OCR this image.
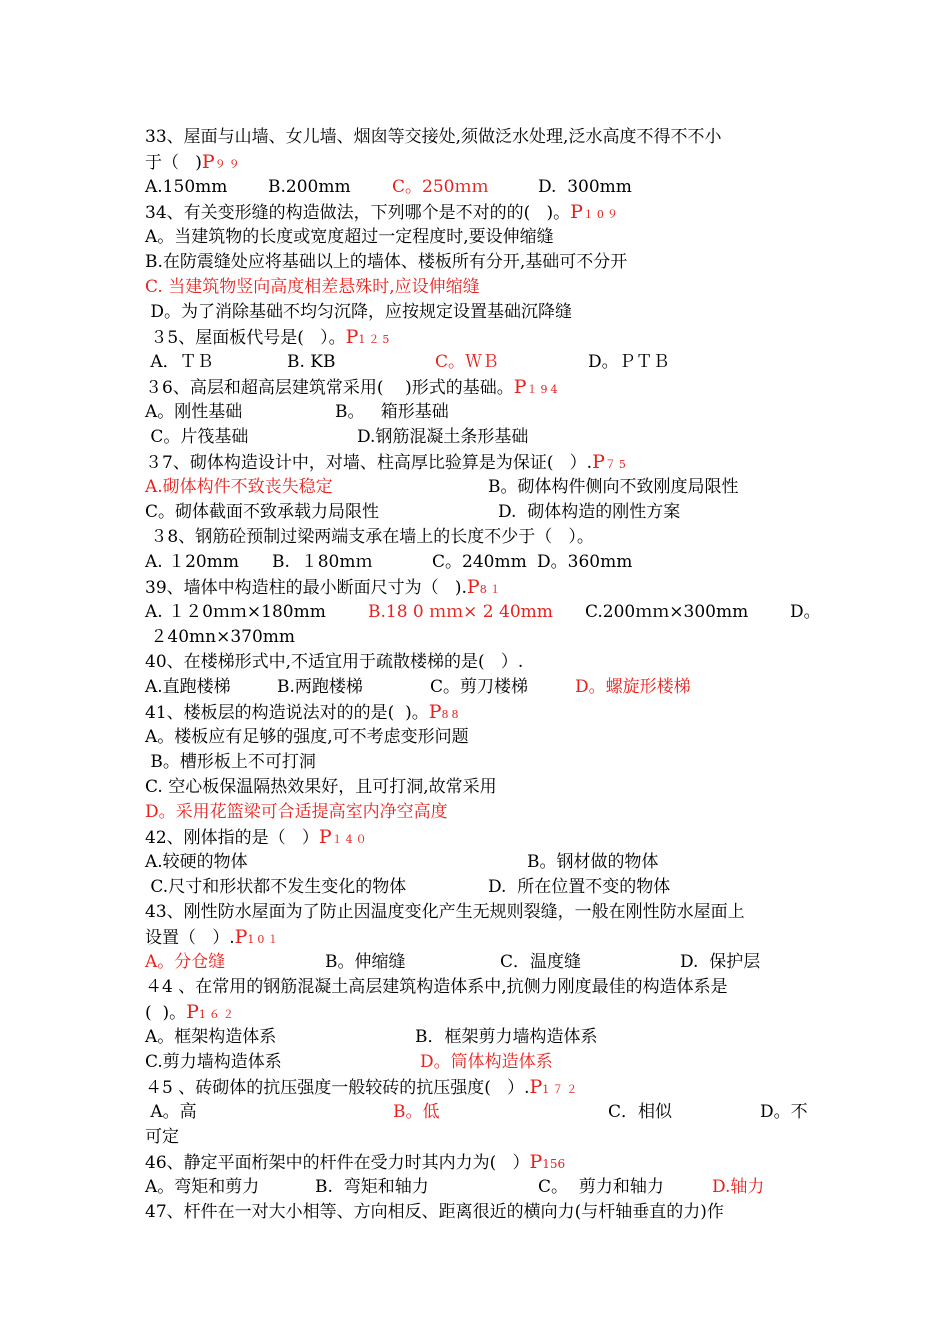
33、屋面与山墙、女儿墙、烟囱等交接处,须做泛水处理,泛水高度不得不不小
于（   )P９９
A.150mm B.200mm C。250ｍｍ	D.  300mm
34、有关变形缝的构造做法，下列哪个是不对的的(   )。P１0９
A。当建筑物的长度或宽度超过一定程度时,要设伸缩缝
B.在防震缝处应将基础以上的墙体、楼板所有分开,基础可不分开
C. 当建筑物竖向高度相差悬殊时,应设伸缩缝
D。为了消除基础不均匀沉降，应按规定设置基础沉降缝
３5、屋面板代号是(   ）。P1２5
A．ＴＢ	B. KB	C。ＷＢ	D。ＰＴＢ
３6、高层和超高层建筑常采用(    )形式的基础。P１94
A。刚性基础	B。   箱形基础
C。片筏基础	D.钢筋混凝土条形基础
３7、砌体构造设计中，对墙、柱高厚比验算是为保证(   ）.P７5
A.砌体构件不致丧失稳定	B。砌体构件侧向不致刚度局限性
C。砌体截面不致承载力局限性	D.  砌体构造的刚性方案
３8、钢筋砼预制过梁两端支承在墙上的长度不少于（   ）。
A. １20mm B.  １80mｍ	C。240mm D。360mm
39、墙体中构造柱的最小断面尺寸为（   ).P8１
A. １２0ｍｍ×180mm B.18 0 ｍｍ× 2 40mm C.200ｍｍ×300mm D。
２40mn×370mm
40、在楼梯形式中,不适宜用于疏散楼梯的是(   ）.
A.直跑楼梯	B.两跑楼梯	C。剪刀楼梯	D。螺旋形楼梯
41、楼板层的构造说法对的的是(  )。P88
A。楼板应有足够的强度,可不考虑变形问题
B。槽形板上不可打洞
C. 空心板保温隔热效果好，且可打洞,故常采用
D。采用花篮梁可合适提高室内净空高度
42、刚体指的是（   ）P１4０
A.较硬的物体	B。钢材做的物体
C.尺寸和形状都不发生变化的物体	D.  所在位置不变的物体
43、刚性防水屋面为了防止因温度变化产生无规则裂缝，一般在刚性防水屋面上
设置（   ）.P10１
A。分仓缝	B。伸缩缝	C．温度缝	D.  保护层
４4 、在常用的钢筋混凝土高层建筑构造体系中,抗侧力刚度最佳的构造体系是
(  )。P1６２
A。框架构造体系	B．框架剪力墙构造体系
C.剪力墙构造体系	D。筒体构造体系
４5 、砖砌体的抗压强度一般较砖的抗压强度(   ）.P1７２
A。高	B。低	C．相似	D。不
可定
46、静定平面桁架中的杆件在受力时其内力为(   ）P156
A。弯矩和剪力	B.  弯矩和轴力	C。  剪力和轴力	D.轴力
47、杆件在一对大小相等、方向相反、距离很近的横向力(与杆轴垂直的力)作
